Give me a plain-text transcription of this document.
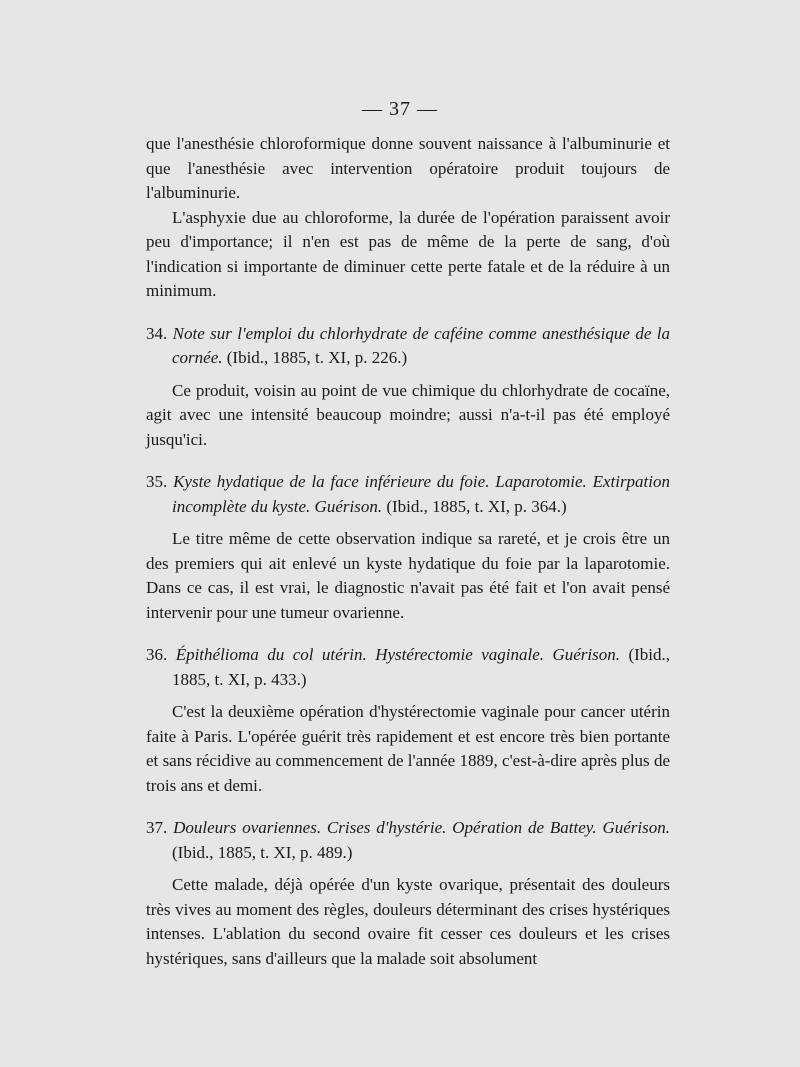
— 37 —

que l'anesthésie chloroformique donne souvent naissance à l'albuminurie et que l'anesthésie avec intervention opératoire produit toujours de l'albuminurie.

L'asphyxie due au chloroforme, la durée de l'opération paraissent avoir peu d'importance; il n'en est pas de même de la perte de sang, d'où l'indication si importante de diminuer cette perte fatale et de la réduire à un minimum.

34. Note sur l'emploi du chlorhydrate de caféine comme anesthésique de la cornée. (Ibid., 1885, t. XI, p. 226.)

Ce produit, voisin au point de vue chimique du chlorhydrate de cocaïne, agit avec une intensité beaucoup moindre; aussi n'a-t-il pas été employé jusqu'ici.

35. Kyste hydatique de la face inférieure du foie. Laparotomie. Extirpation incomplète du kyste. Guérison. (Ibid., 1885, t. XI, p. 364.)

Le titre même de cette observation indique sa rareté, et je crois être un des premiers qui ait enlevé un kyste hydatique du foie par la laparotomie. Dans ce cas, il est vrai, le diagnostic n'avait pas été fait et l'on avait pensé intervenir pour une tumeur ovarienne.

36. Épithélioma du col utérin. Hystérectomie vaginale. Guérison. (Ibid., 1885, t. XI, p. 433.)

C'est la deuxième opération d'hystérectomie vaginale pour cancer utérin faite à Paris. L'opérée guérit très rapidement et est encore très bien portante et sans récidive au commencement de l'année 1889, c'est-à-dire après plus de trois ans et demi.

37. Douleurs ovariennes. Crises d'hystérie. Opération de Battey. Guérison. (Ibid., 1885, t. XI, p. 489.)

Cette malade, déjà opérée d'un kyste ovarique, présentait des douleurs très vives au moment des règles, douleurs déterminant des crises hystériques intenses. L'ablation du second ovaire fit cesser ces douleurs et les crises hystériques, sans d'ailleurs que la malade soit absolument
